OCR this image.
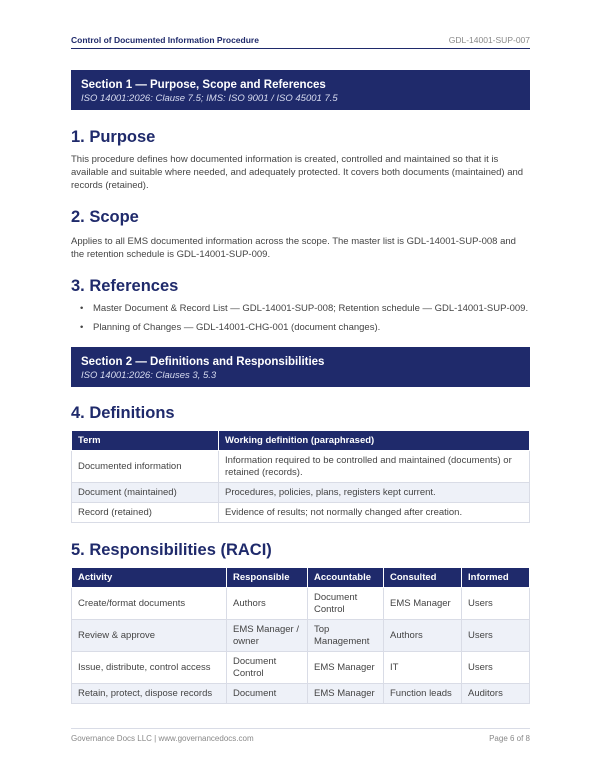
Control of Documented Information Procedure	GDL-14001-SUP-007
Section 1 — Purpose, Scope and References
ISO 14001:2026: Clause 7.5; IMS: ISO 9001 / ISO 45001 7.5
1. Purpose

This procedure defines how documented information is created, controlled and maintained so that it is available and suitable where needed, and adequately protected. It covers both documents (maintained) and records (retained).

2. Scope

Applies to all EMS documented information across the scope. The master list is GDL-14001-SUP-008 and the retention schedule is GDL-14001-SUP-009.

3. References
• Master Document & Record List — GDL-14001-SUP-008; Retention schedule — GDL-14001-SUP-009.
• Planning of Changes — GDL-14001-CHG-001 (document changes).
Section 2 — Definitions and Responsibilities
ISO 14001:2026: Clauses 3, 5.3
4. Definitions
Term	Working definition (paraphrased)
Documented information	Information required to be controlled and maintained (documents) or retained (records).
Document (maintained)	Procedures, policies, plans, registers kept current.
Record (retained)	Evidence of results; not normally changed after creation.
5. Responsibilities (RACI)
Activity	Responsible	Accountable	Consulted	Informed
Create/format documents	Authors	Document Control	EMS Manager	Users
Review & approve	EMS Manager / owner	Top Management	Authors	Users
Issue, distribute, control access	Document Control	EMS Manager	IT	Users
Retain, protect, dispose records	Document	EMS Manager	Function leads	Auditors
Governance Docs LLC | www.governancedocs.com	Page 6 of 8
